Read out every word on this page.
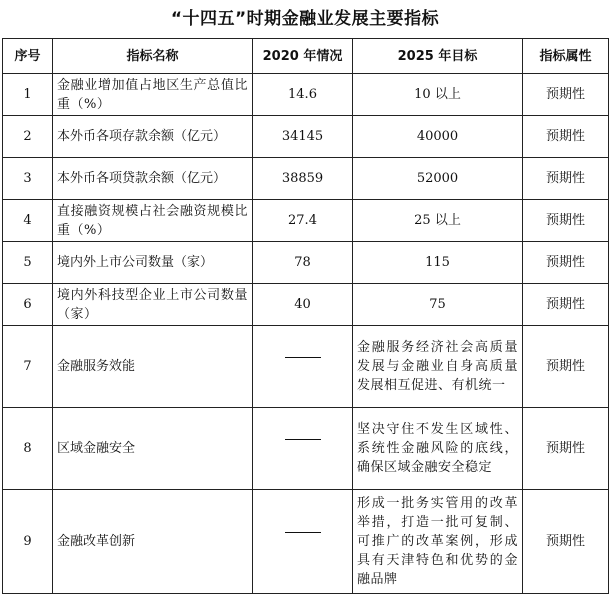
“十四五”时期金融业发展主要指标
序号	指标名称	2020 年情况	2025 年目标	指标属性
1	金融业增加值占地区生产总值比重（%）	14.6	10 以上	预期性
2	本外币各项存款余额（亿元）	34145	40000	预期性
3	本外币各项贷款余额（亿元）	38859	52000	预期性
4	直接融资规模占社会融资规模比重（%）	27.4	25 以上	预期性
5	境内外上市公司数量（家）	78	115	预期性
6	境内外科技型企业上市公司数量（家）	40	75	预期性
7	金融服务效能		金融服务经济社会高质量发展与金融业自身高质量发展相互促进、有机统一	预期性
8	区域金融安全		坚决守住不发生区域性、系统性金融风险的底线，确保区域金融安全稳定	预期性
9	金融改革创新		形成一批务实管用的改革举措，打造一批可复制、可推广的改革案例，形成具有天津特色和优势的金融品牌	预期性
